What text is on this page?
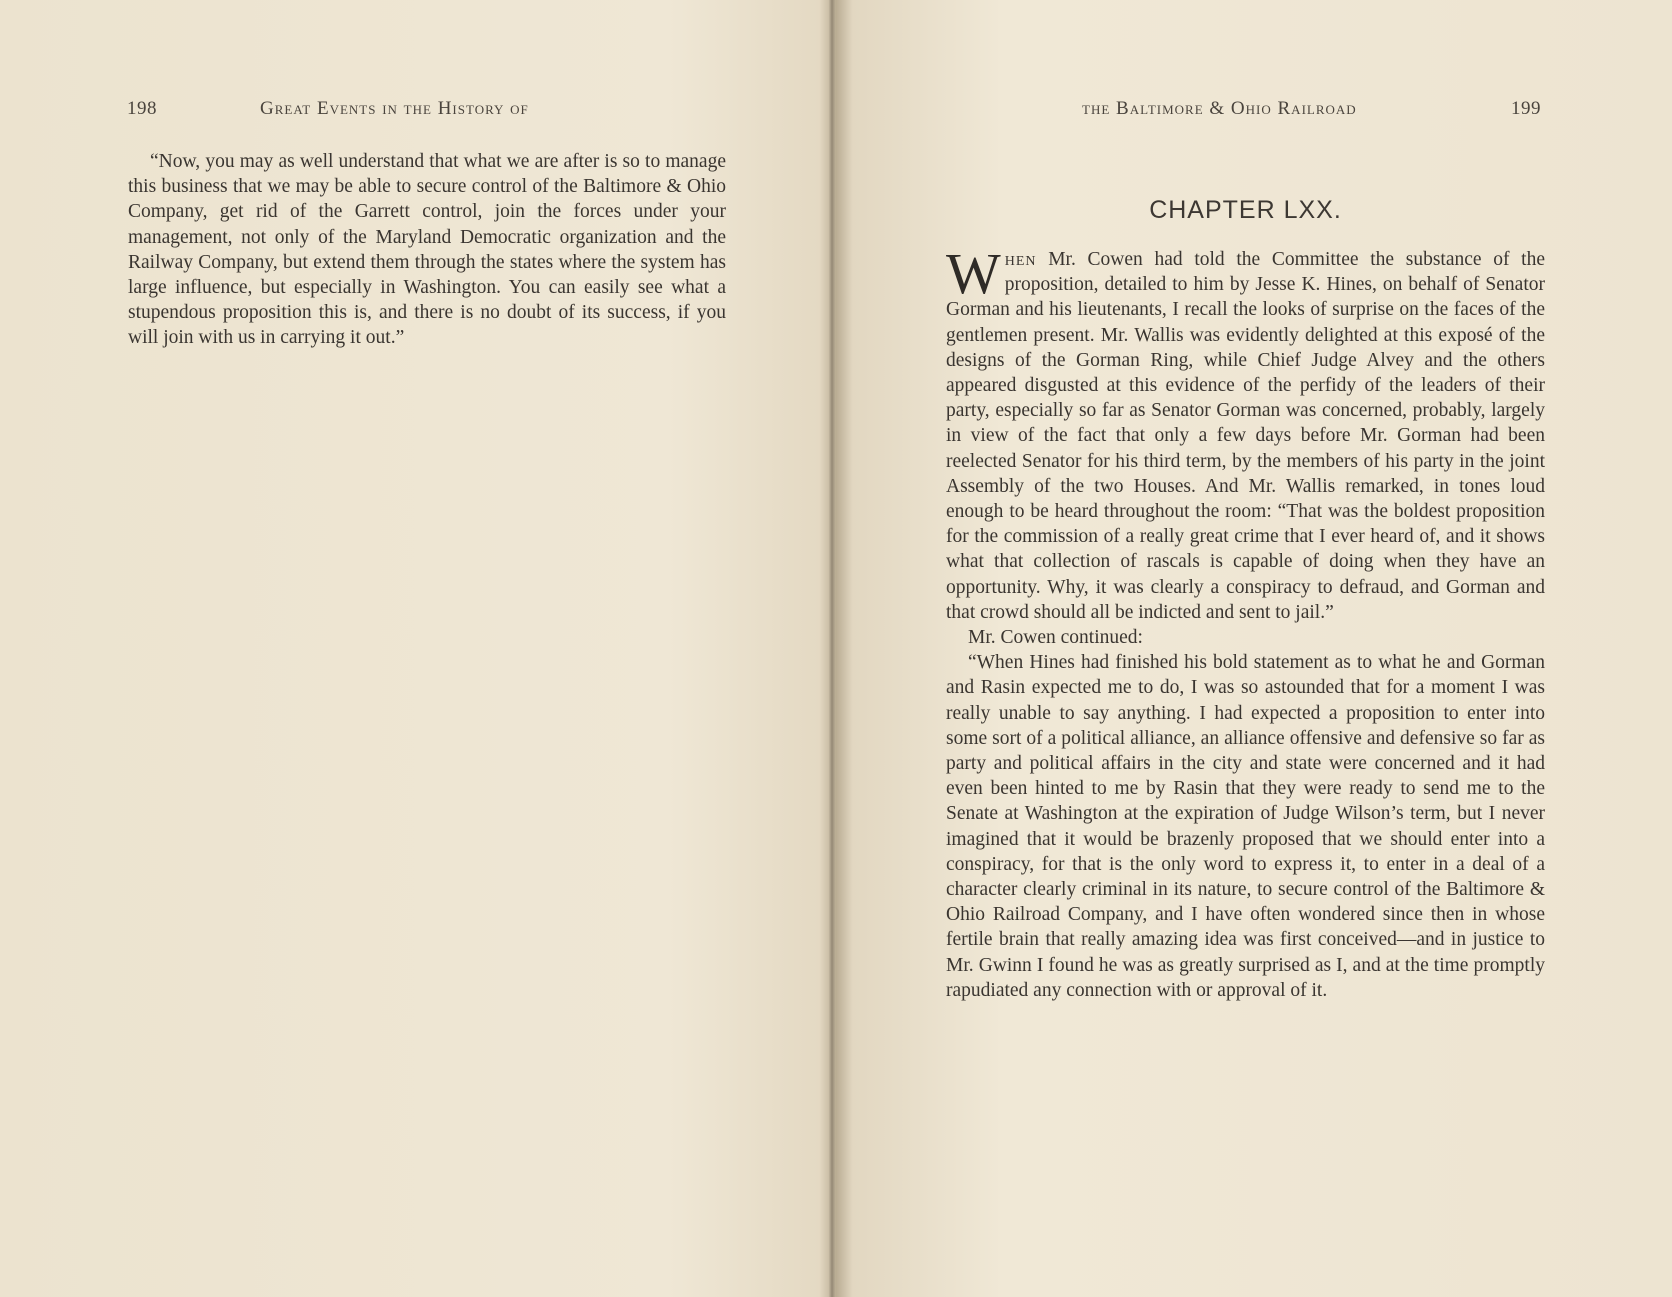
198	Great Events in the History of

“Now, you may as well understand that what we are after is so to manage this business that we may be able to secure control of the Baltimore & Ohio Company, get rid of the Garrett control, join the forces under your management, not only of the Maryland Democratic organization and the Railway Company, but extend them through the states where the system has large influence, but especially in Washington. You can easily see what a stupendous proposition this is, and there is no doubt of its success, if you will join with us in carrying it out.”

the Baltimore & Ohio Railroad	199
CHAPTER LXX.

When Mr. Cowen had told the Committee the substance of the proposition, detailed to him by Jesse K. Hines, on behalf of Senator Gorman and his lieutenants, I recall the looks of surprise on the faces of the gentlemen present. Mr. Wallis was evidently delighted at this exposé of the designs of the Gorman Ring, while Chief Judge Alvey and the others appeared disgusted at this evidence of the perfidy of the leaders of their party, especially so far as Senator Gorman was concerned, probably, largely in view of the fact that only a few days before Mr. Gorman had been reelected Senator for his third term, by the members of his party in the joint Assembly of the two Houses. And Mr. Wallis remarked, in tones loud enough to be heard throughout the room: “That was the boldest proposition for the commission of a really great crime that I ever heard of, and it shows what that collection of rascals is capable of doing when they have an opportunity. Why, it was clearly a conspiracy to defraud, and Gorman and that crowd should all be indicted and sent to jail.”

Mr. Cowen continued:

“When Hines had finished his bold statement as to what he and Gorman and Rasin expected me to do, I was so astounded that for a moment I was really unable to say anything. I had expected a proposition to enter into some sort of a political alliance, an alliance offensive and defensive so far as party and political affairs in the city and state were concerned and it had even been hinted to me by Rasin that they were ready to send me to the Senate at Washington at the expiration of Judge Wilson’s term, but I never imagined that it would be brazenly proposed that we should enter into a conspiracy, for that is the only word to express it, to enter in a deal of a character clearly criminal in its nature, to secure control of the Baltimore & Ohio Railroad Company, and I have often wondered since then in whose fertile brain that really amazing idea was first conceived—and in justice to Mr. Gwinn I found he was as greatly surprised as I, and at the time promptly rapudiated any connection with or approval of it.
